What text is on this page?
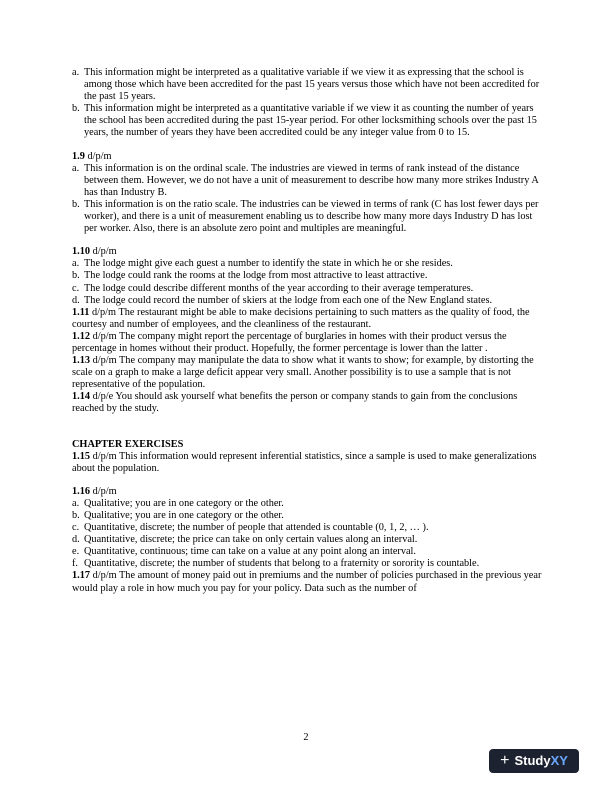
a. This information might be interpreted as a qualitative variable if we view it as expressing that the school is among those which have been accredited for the past 15 years versus those which have not been accredited for the past 15 years.
b. This information might be interpreted as a quantitative variable if we view it as counting the number of years the school has been accredited during the past 15-year period. For other locksmithing schools over the past 15 years, the number of years they have been accredited could be any integer value from 0 to 15.
1.9 d/p/m
a. This information is on the ordinal scale. The industries are viewed in terms of rank instead of the distance between them. However, we do not have a unit of measurement to describe how many more strikes Industry A has than Industry B.
b. This information is on the ratio scale. The industries can be viewed in terms of rank (C has lost fewer days per worker), and there is a unit of measurement enabling us to describe how many more days Industry D has lost per worker. Also, there is an absolute zero point and multiples are meaningful.
1.10 d/p/m
a. The lodge might give each guest a number to identify the state in which he or she resides.
b. The lodge could rank the rooms at the lodge from most attractive to least attractive.
c. The lodge could describe different months of the year according to their average temperatures.
d. The lodge could record the number of skiers at the lodge from each one of the New England states.

1.11 d/p/m The restaurant might be able to make decisions pertaining to such matters as the quality of food, the courtesy and number of employees, and the cleanliness of the restaurant.

1.12 d/p/m The company might report the percentage of burglaries in homes with their product versus the percentage in homes without their product. Hopefully, the former percentage is lower than the latter .

1.13 d/p/m The company may manipulate the data to show what it wants to show; for example, by distorting the scale on a graph to make a large deficit appear very small. Another possibility is to use a sample that is not representative of the population.

1.14 d/p/e You should ask yourself what benefits the person or company stands to gain from the conclusions reached by the study.

CHAPTER EXERCISES

1.15 d/p/m This information would represent inferential statistics, since a sample is used to make generalizations about the population.

1.16 d/p/m
a. Qualitative; you are in one category or the other.
b. Qualitative; you are in one category or the other.
c. Quantitative, discrete; the number of people that attended is countable (0, 1, 2, … ).
d. Quantitative, discrete; the price can take on only certain values along an interval.
e. Quantitative, continuous; time can take on a value at any point along an interval.
f. Quantitative, discrete; the number of students that belong to a fraternity or sorority is countable.

1.17 d/p/m The amount of money paid out in premiums and the number of policies purchased in the previous year would play a role in how much you pay for your policy. Data such as the number of

2
+ StudyXY
